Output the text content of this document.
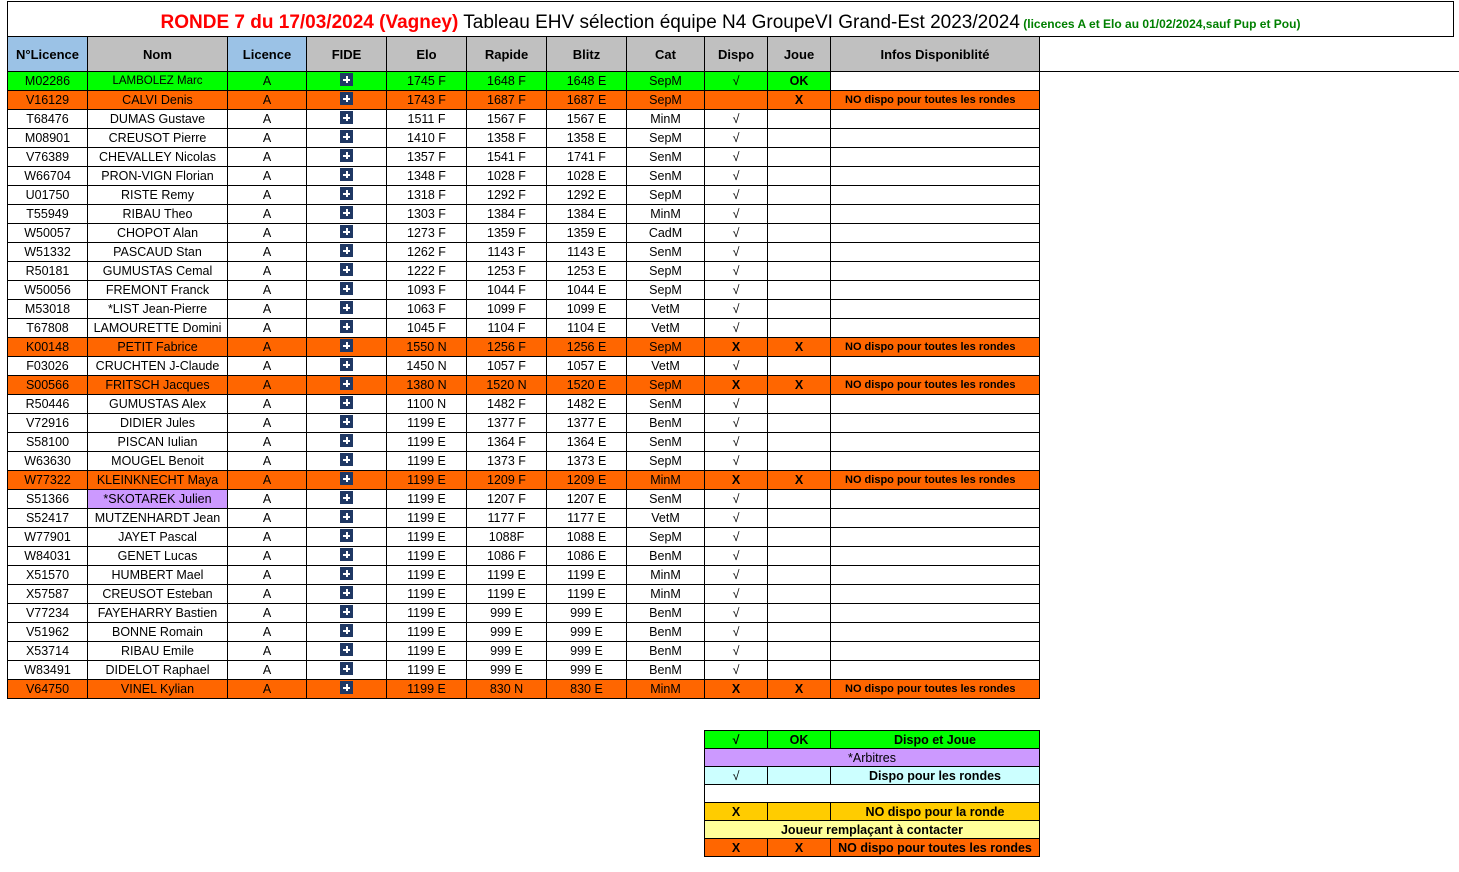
RONDE 7 du 17/03/2024 (Vagney) Tableau EHV sélection équipe N4 GroupeVI Grand-Est 2023/2024 (licences A et Elo au 01/02/2024,sauf Pup et Pou)
N°Licence	Nom	Licence	FIDE	Elo	Rapide	Blitz	Cat	Dispo	Joue	Infos Disponiblité
M02286	LAMBOLEZ Marc	A		1745 F	1648 F	1648 E	SepM	√	OK	
V16129	CALVI Denis	A		1743 F	1687 F	1687 E	SepM		X	NO dispo pour toutes les rondes
T68476	DUMAS Gustave	A		1511 F	1567 F	1567 E	MinM	√		
M08901	CREUSOT Pierre	A		1410 F	1358 F	1358 E	SepM	√		
V76389	CHEVALLEY Nicolas	A		1357 F	1541 F	1741 F	SenM	√		
W66704	PRON-VIGN Florian	A		1348 F	1028 F	1028 E	SenM	√		
U01750	RISTE Remy	A		1318 F	1292 F	1292 E	SepM	√		
T55949	RIBAU Theo	A		1303 F	1384 F	1384 E	MinM	√		
W50057	CHOPOT Alan	A		1273 F	1359 F	1359 E	CadM	√		
W51332	PASCAUD Stan	A		1262 F	1143 F	1143 E	SenM	√		
R50181	GUMUSTAS Cemal	A		1222 F	1253 F	1253 E	SepM	√		
W50056	FREMONT Franck	A		1093 F	1044 F	1044 E	SepM	√		
M53018	*LIST Jean-Pierre	A		1063 F	1099 F	1099 E	VetM	√		
T67808	LAMOURETTE Domini	A		1045 F	1104 F	1104 E	VetM	√		
K00148	PETIT Fabrice	A		1550 N	1256 F	1256 E	SepM	X	X	NO dispo pour toutes les rondes
F03026	CRUCHTEN J-Claude	A		1450 N	1057 F	1057 E	VetM	√		
S00566	FRITSCH Jacques	A		1380 N	1520 N	1520 E	SepM	X	X	NO dispo pour toutes les rondes
R50446	GUMUSTAS Alex	A		1100 N	1482 F	1482 E	SenM	√		
V72916	DIDIER Jules	A		1199 E	1377 F	1377 E	BenM	√		
S58100	PISCAN Iulian	A		1199 E	1364 F	1364 E	SenM	√		
W63630	MOUGEL Benoit	A		1199 E	1373 F	1373 E	SepM	√		
W77322	KLEINKNECHT Maya	A		1199 E	1209 F	1209 E	MinM	X	X	NO dispo pour toutes les rondes
S51366	*SKOTAREK Julien	A		1199 E	1207 F	1207 E	SenM	√		
S52417	MUTZENHARDT Jean	A		1199 E	1177 F	1177 E	VetM	√		
W77901	JAYET Pascal	A		1199 E	1088F	1088 E	SepM	√		
W84031	GENET Lucas	A		1199 E	1086 F	1086 E	BenM	√		
X51570	HUMBERT Mael	A		1199 E	1199 E	1199 E	MinM	√		
X57587	CREUSOT Esteban	A		1199 E	1199 E	1199 E	MinM	√		
V77234	FAYEHARRY Bastien	A		1199 E	999 E	999 E	BenM	√		
V51962	BONNE Romain	A		1199 E	999 E	999 E	BenM	√		
X53714	RIBAU Emile	A		1199 E	999 E	999 E	BenM	√		
W83491	DIDELOT Raphael	A		1199 E	999 E	999 E	BenM	√		
V64750	VINEL Kylian	A		1199 E	830 N	830 E	MinM	X	X	NO dispo pour toutes les rondes
√	OK	Dispo et Joue
*Arbitres		
√		Dispo pour les rondes

X		NO dispo pour la ronde
Joueur remplaçant à contacter		
X	X	NO dispo pour toutes les rondes
